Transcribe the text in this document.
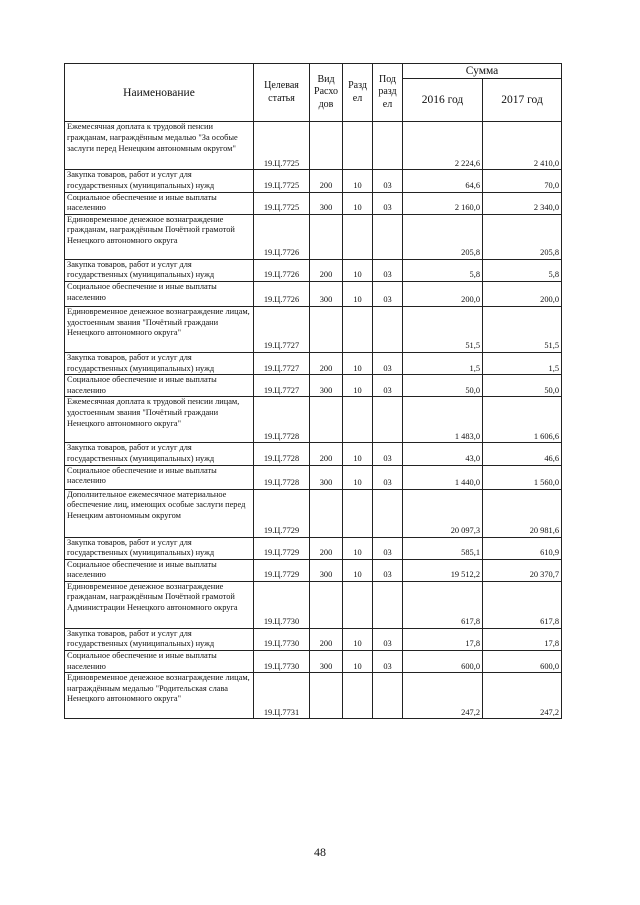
Наименование	Целевая статья	Вид Расхо дов	Разд ел	Под разд ел	Сумма	
					2016 год	2017 год
Ежемесячная доплата к трудовой пенсии гражданам, награждённым медалью "За особые заслуги перед Ненецким автономным округом"	19.Ц.7725				2 224,6	2 410,0
Закупка товаров, работ и услуг для государственных (муниципальных) нужд	19.Ц.7725	200	10	03	64,6	70,0
Социальное обеспечение и иные выплаты населению	19.Ц.7725	300	10	03	2 160,0	2 340,0
Единовременное денежное вознаграждение гражданам, награждённым Почётной грамотой Ненецкого автономного округа	19.Ц.7726				205,8	205,8
Закупка товаров, работ и услуг для государственных (муниципальных) нужд	19.Ц.7726	200	10	03	5,8	5,8
Социальное обеспечение и иные выплаты населению	19.Ц.7726	300	10	03	200,0	200,0
Единовременное денежное вознаграждение лицам, удостоенным звания "Почётный граждани Ненецкого автономного округа"	19.Ц.7727				51,5	51,5
Закупка товаров, работ и услуг для государственных (муниципальных) нужд	19.Ц.7727	200	10	03	1,5	1,5
Социальное обеспечение и иные выплаты населению	19.Ц.7727	300	10	03	50,0	50,0
Ежемесячная доплата к трудовой пенсии лицам, удостоенным звания "Почётный граждани Ненецкого автономного округа"	19.Ц.7728				1 483,0	1 606,6
Закупка товаров, работ и услуг для государственных (муниципальных) нужд	19.Ц.7728	200	10	03	43,0	46,6
Социальное обеспечение и иные выплаты населению	19.Ц.7728	300	10	03	1 440,0	1 560,0
Дополнительное ежемесячное материальное обеспечение лиц, имеющих особые заслуги перед Ненецким автономным округом	19.Ц.7729				20 097,3	20 981,6
Закупка товаров, работ и услуг для государственных (муниципальных) нужд	19.Ц.7729	200	10	03	585,1	610,9
Социальное обеспечение и иные выплаты населению	19.Ц.7729	300	10	03	19 512,2	20 370,7
Единовременное денежное вознаграждение гражданам, награждённым Почётной грамотой Администрации Ненецкого автономного округа	19.Ц.7730				617,8	617,8
Закупка товаров, работ и услуг для государственных (муниципальных) нужд	19.Ц.7730	200	10	03	17,8	17,8
Социальное обеспечение и иные выплаты населению	19.Ц.7730	300	10	03	600,0	600,0
Единовременное денежное вознаграждение лицам, награждённым медалью "Родительская слава Ненецкого автономного округа"	19.Ц.7731				247,2	247,2
48
